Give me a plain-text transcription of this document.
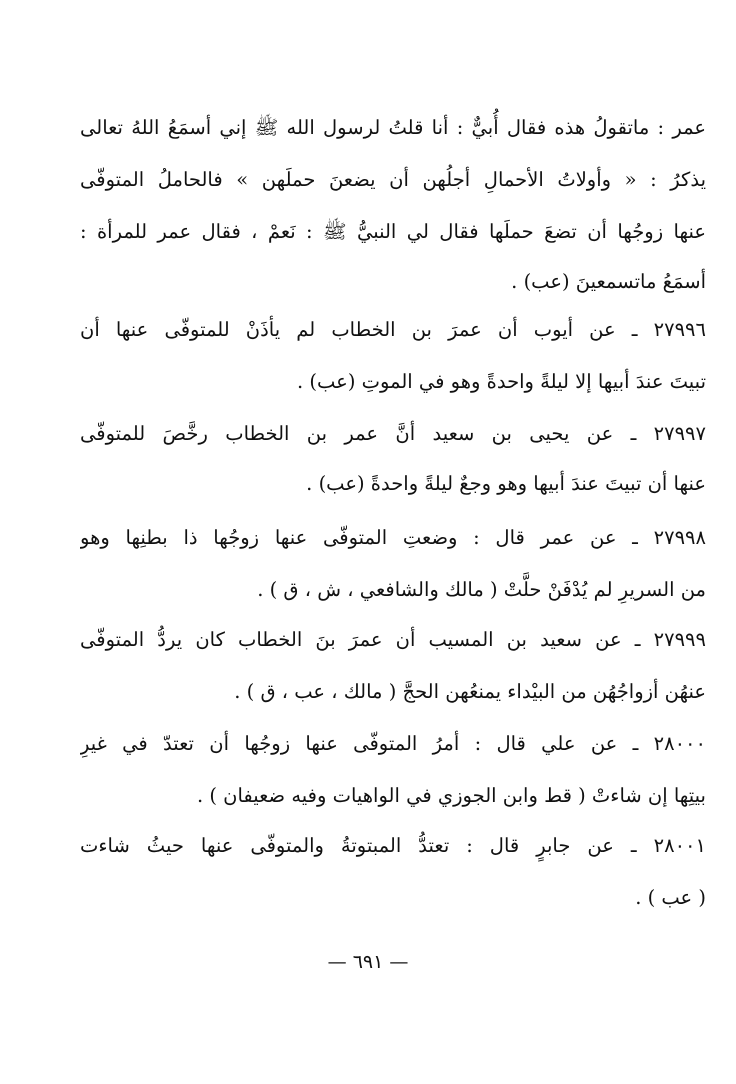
عمر : ماتقولُ هذه فقال أُبيٌّ : أنا قلتُ لرسول الله ﷺ إني أسمَعُ اللهُ تعالى
يذكرُ : « وأولاتُ الأحمالِ أجلُهن أن يضعنَ حملَهن » فالحاملُ المتوفّى
عنها زوجُها أن تضعَ حملَها فقال لي النبيُّ ﷺ : نَعمْ ، فقال عمر للمرأة :
أسمَعُ ماتسمعينَ (عب) .
٢٧٩٩٦ ـ عن أيوب أن عمرَ بن الخطاب لم يأذَنْ للمتوفّى عنها أن
تبيتَ عندَ أبيها إلا ليلةً واحدةً وهو في الموتِ (عب) .
٢٧٩٩٧ ـ عن يحيى بن سعيد أنَّ عمر بن الخطاب رخَّصَ للمتوفّى
عنها أن تبيتَ عندَ أبيها وهو وجعٌ ليلةً واحدةً (عب) .
٢٧٩٩٨ ـ عن عمر قال : وضعتِ المتوفّى عنها زوجُها ذا بطنِها وهو
من السريرِ لم يُدْفَنْ حلَّتْ ( مالك والشافعي ، ش ، ق ) .
٢٧٩٩٩ ـ عن سعيد بن المسيب أن عمرَ بنَ الخطاب كان يردُّ المتوفّى
عنهُن أزواجُهُن من البيْداء يمنعُهن الحجَّ ( مالك ، عب ، ق ) .
٢٨٠٠٠ ـ عن علي قال : أمرُ المتوفّى عنها زوجُها أن تعتدّ في غيرِ
بيتِها إن شاءتْ ( قط وابن الجوزي في الواهيات وفيه ضعيفان ) .
٢٨٠٠١ ـ عن جابرٍ قال : تعتدُّ المبتوتةُ والمتوفّى عنها حيثُ شاءت
( عب ) .
— ٦٩١ —
